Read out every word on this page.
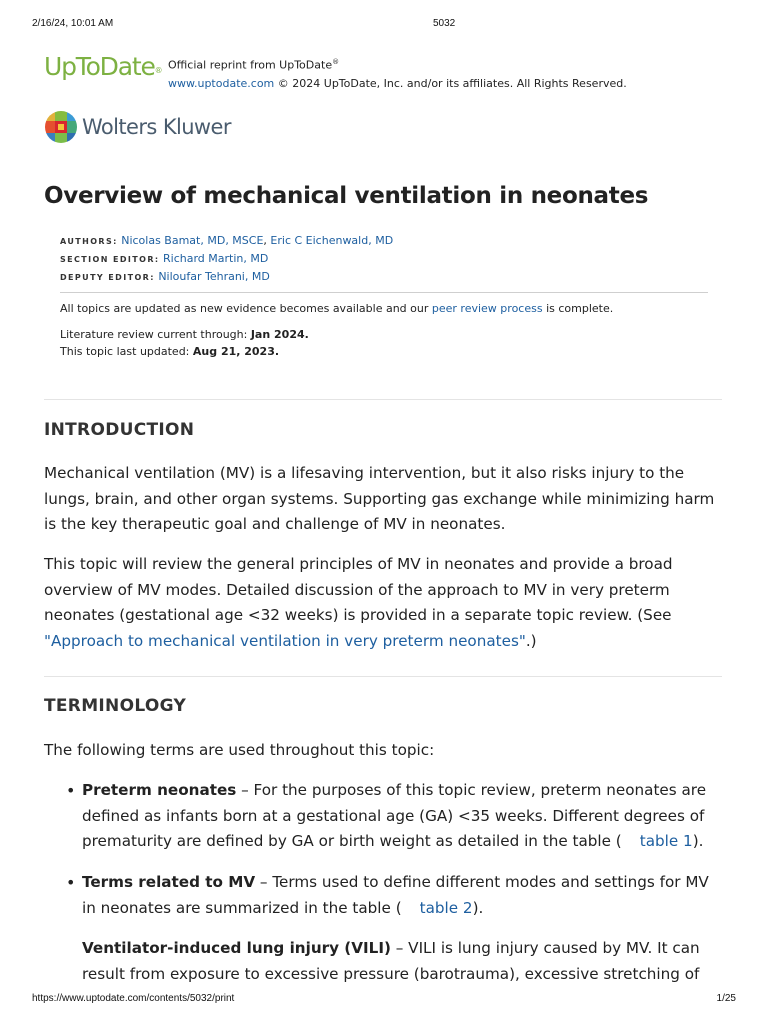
2/16/24, 10:01 AM	5032
UpToDate® Official reprint from UpToDate®
www.uptodate.com © 2024 UpToDate, Inc. and/or its affiliates. All Rights Reserved.
Wolters Kluwer
Overview of mechanical ventilation in neonates
AUTHORS: Nicolas Bamat, MD, MSCE, Eric C Eichenwald, MD
SECTION EDITOR: Richard Martin, MD
DEPUTY EDITOR: Niloufar Tehrani, MD
All topics are updated as new evidence becomes available and our peer review process is complete.
Literature review current through: Jan 2024.
This topic last updated: Aug 21, 2023.
INTRODUCTION

Mechanical ventilation (MV) is a lifesaving intervention, but it also risks injury to the lungs, brain, and other organ systems. Supporting gas exchange while minimizing harm is the key therapeutic goal and challenge of MV in neonates.

This topic will review the general principles of MV in neonates and provide a broad overview of MV modes. Detailed discussion of the approach to MV in very preterm neonates (gestational age <32 weeks) is provided in a separate topic review. (See "Approach to mechanical ventilation in very preterm neonates".)

TERMINOLOGY

The following terms are used throughout this topic:

• Preterm neonates – For the purposes of this topic review, preterm neonates are defined as infants born at a gestational age (GA) <35 weeks. Different degrees of prematurity are defined by GA or birth weight as detailed in the table ( table 1).
• Terms related to MV – Terms used to define different modes and settings for MV in neonates are summarized in the table ( table 2).
• Ventilator-induced lung injury (VILI) – VILI is lung injury caused by MV. It can result from exposure to excessive pressure (barotrauma), excessive stretching of
https://www.uptodate.com/contents/5032/print	1/25
